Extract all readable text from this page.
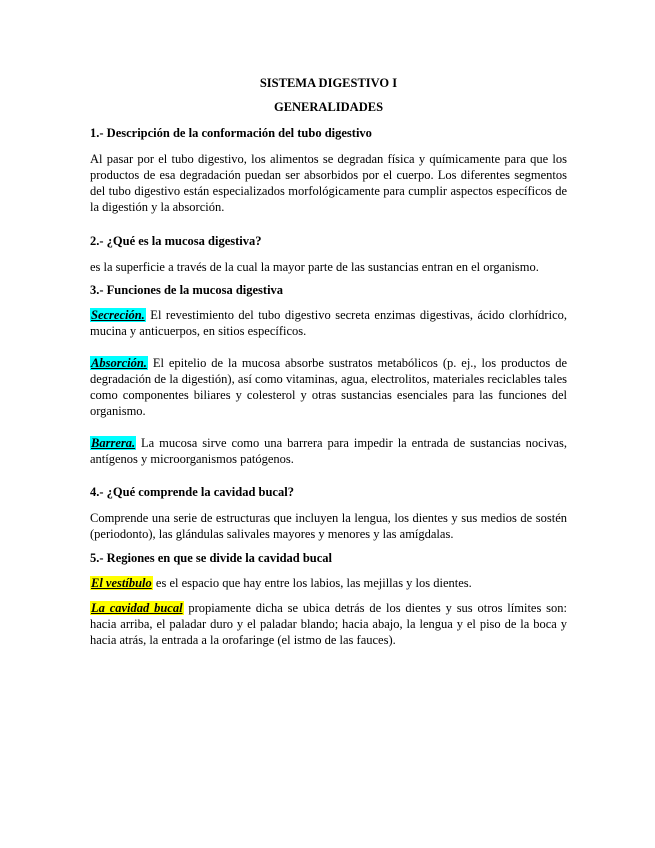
SISTEMA DIGESTIVO I

GENERALIDADES

1.- Descripción de la conformación del tubo digestivo

Al pasar por el tubo digestivo, los alimentos se degradan física y químicamente para que los productos de esa degradación puedan ser absorbidos por el cuerpo. Los diferentes segmentos del tubo digestivo están especializados morfológicamente para cumplir aspectos específicos de la digestión y la absorción.

2.- ¿Qué es la mucosa digestiva?

es la superficie a través de la cual la mayor parte de las sustancias entran en el organismo.

3.- Funciones de la mucosa digestiva

Secreción. El revestimiento del tubo digestivo secreta enzimas digestivas, ácido clorhídrico, mucina y anticuerpos, en sitios específicos.

Absorción. El epitelio de la mucosa absorbe sustratos metabólicos (p. ej., los productos de degradación de la digestión), así como vitaminas, agua, electrolitos, materiales reciclables tales como componentes biliares y colesterol y otras sustancias esenciales para las funciones del organismo.

Barrera. La mucosa sirve como una barrera para impedir la entrada de sustancias nocivas, antígenos y microorganismos patógenos.

4.- ¿Qué comprende la cavidad bucal?

Comprende una serie de estructuras que incluyen la lengua, los dientes y sus medios de sostén (periodonto), las glándulas salivales mayores y menores y las amígdalas.

5.- Regiones en que se divide la cavidad bucal

El vestíbulo es el espacio que hay entre los labios, las mejillas y los dientes.

La cavidad bucal propiamente dicha se ubica detrás de los dientes y sus otros límites son: hacia arriba, el paladar duro y el paladar blando; hacia abajo, la lengua y el piso de la boca y hacia atrás, la entrada a la orofaringe (el istmo de las fauces).
